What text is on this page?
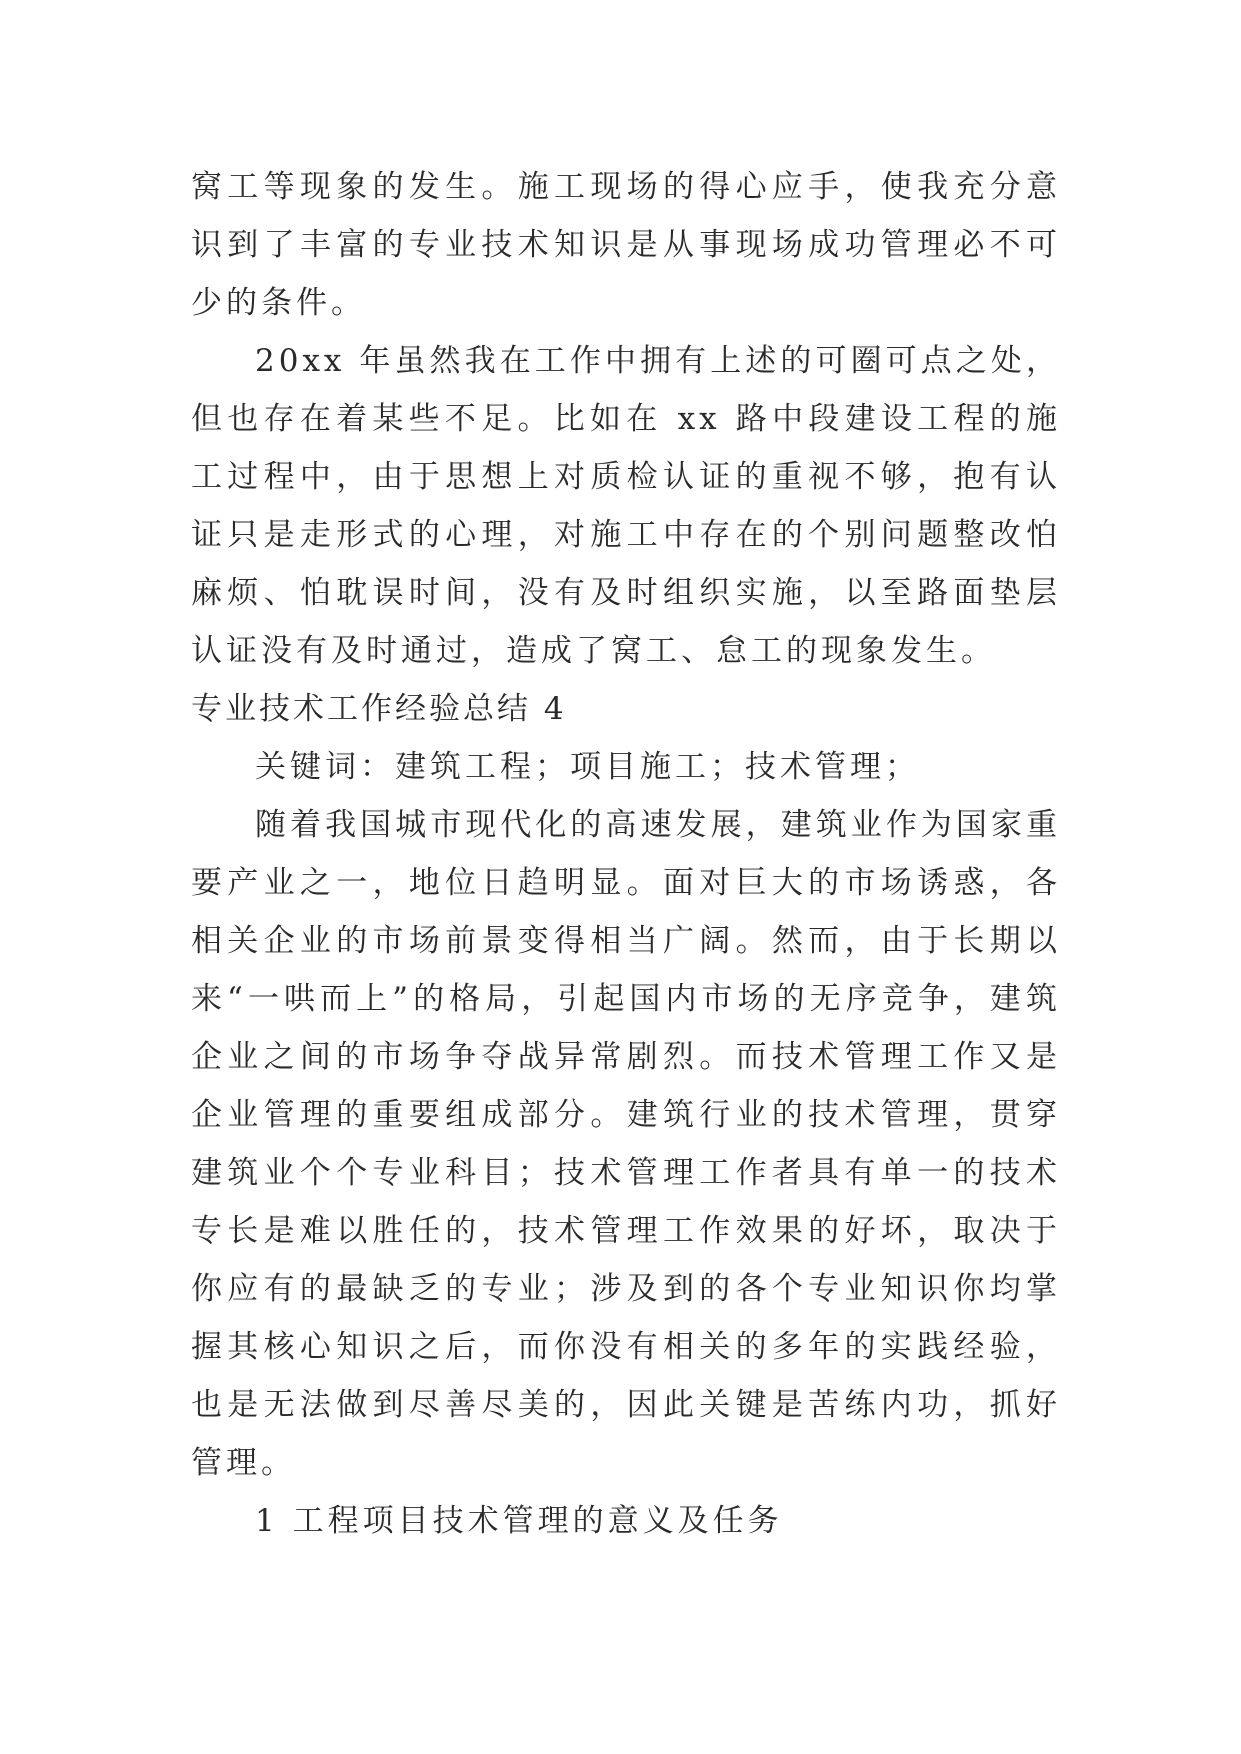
窝工等现象的发生。施工现场的得心应手，使我充分意识到了丰富的专业技术知识是从事现场成功管理必不可少的条件。

20xx 年虽然我在工作中拥有上述的可圈可点之处，但也存在着某些不足。比如在 xx 路中段建设工程的施工过程中，由于思想上对质检认证的重视不够，抱有认证只是走形式的心理，对施工中存在的个别问题整改怕麻烦、怕耽误时间，没有及时组织实施，以至路面垫层认证没有及时通过，造成了窝工、怠工的现象发生。

专业技术工作经验总结 4

关键词：建筑工程；项目施工；技术管理；

随着我国城市现代化的高速发展，建筑业作为国家重要产业之一，地位日趋明显。面对巨大的市场诱惑，各相关企业的市场前景变得相当广阔。然而，由于长期以来“一哄而上”的格局，引起国内市场的无序竞争，建筑企业之间的市场争夺战异常剧烈。而技术管理工作又是企业管理的重要组成部分。建筑行业的技术管理，贯穿建筑业个个专业科目；技术管理工作者具有单一的技术专长是难以胜任的，技术管理工作效果的好坏，取决于你应有的最缺乏的专业；涉及到的各个专业知识你均掌握其核心知识之后，而你没有相关的多年的实践经验，也是无法做到尽善尽美的，因此关键是苦练内功，抓好管理。

1 工程项目技术管理的意义及任务
